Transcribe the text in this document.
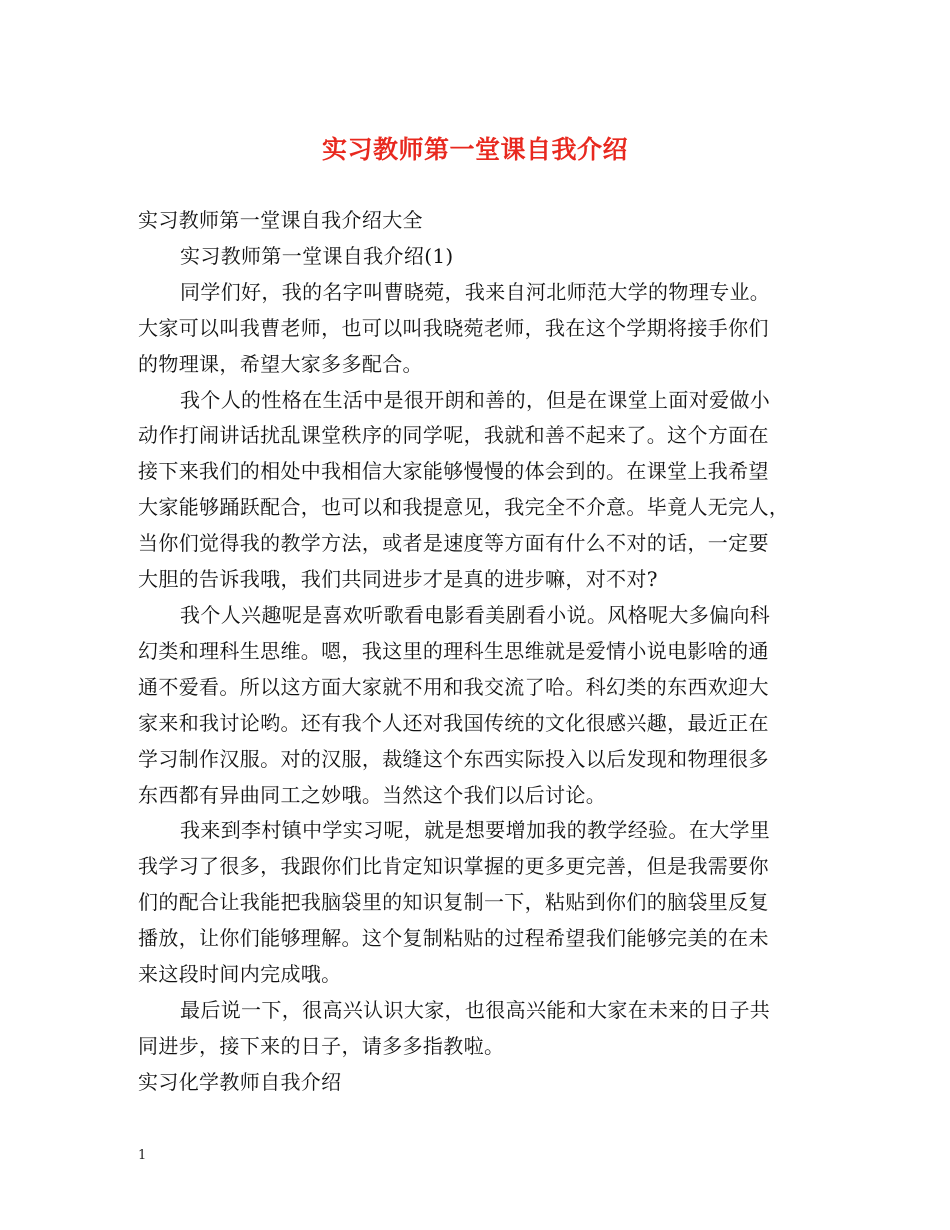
实习教师第一堂课自我介绍

实习教师第一堂课自我介绍大全

实习教师第一堂课自我介绍(1)

同学们好，我的名字叫曹晓菀，我来自河北师范大学的物理专业。

大家可以叫我曹老师，也可以叫我晓菀老师，我在这个学期将接手你们

的物理课，希望大家多多配合。

我个人的性格在生活中是很开朗和善的，但是在课堂上面对爱做小

动作打闹讲话扰乱课堂秩序的同学呢，我就和善不起来了。这个方面在

接下来我们的相处中我相信大家能够慢慢的体会到的。在课堂上我希望

大家能够踊跃配合，也可以和我提意见，我完全不介意。毕竟人无完人，

当你们觉得我的教学方法，或者是速度等方面有什么不对的话，一定要

大胆的告诉我哦，我们共同进步才是真的进步嘛，对不对?

我个人兴趣呢是喜欢听歌看电影看美剧看小说。风格呢大多偏向科

幻类和理科生思维。嗯，我这里的理科生思维就是爱情小说电影啥的通

通不爱看。所以这方面大家就不用和我交流了哈。科幻类的东西欢迎大

家来和我讨论哟。还有我个人还对我国传统的文化很感兴趣，最近正在

学习制作汉服。对的汉服，裁缝这个东西实际投入以后发现和物理很多

东西都有异曲同工之妙哦。当然这个我们以后讨论。

我来到李村镇中学实习呢，就是想要增加我的教学经验。在大学里

我学习了很多，我跟你们比肯定知识掌握的更多更完善，但是我需要你

们的配合让我能把我脑袋里的知识复制一下，粘贴到你们的脑袋里反复

播放，让你们能够理解。这个复制粘贴的过程希望我们能够完美的在未

来这段时间内完成哦。

最后说一下，很高兴认识大家，也很高兴能和大家在未来的日子共

同进步，接下来的日子，请多多指教啦。

实习化学教师自我介绍

1
